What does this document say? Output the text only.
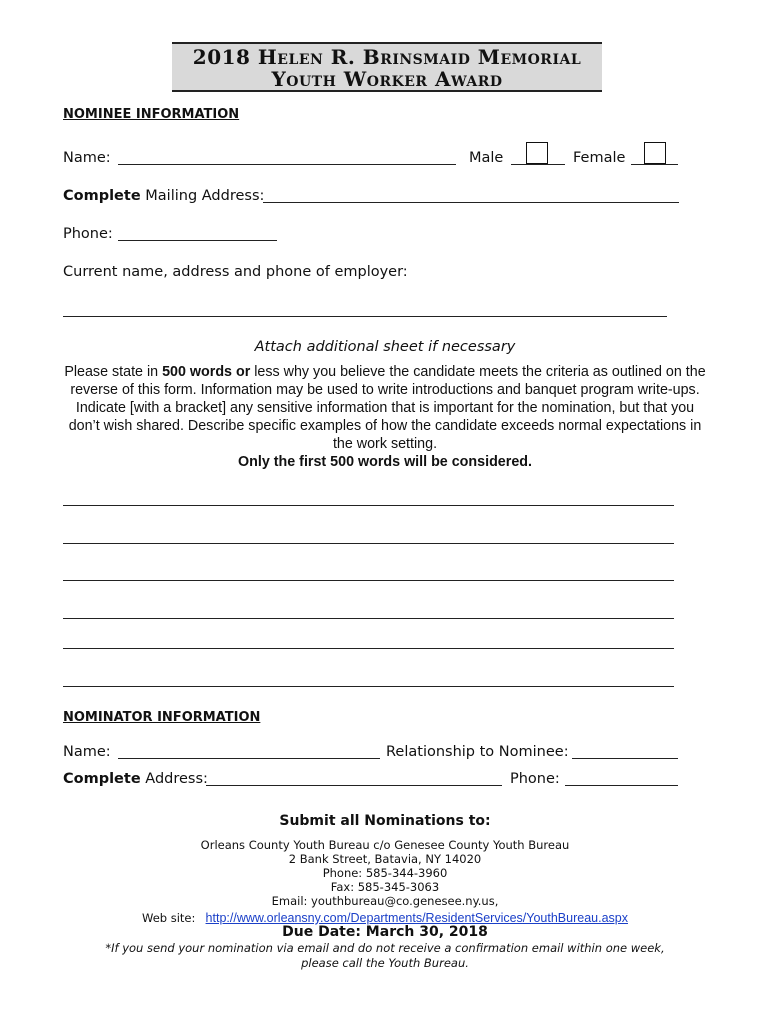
2018 Helen R. Brinsmaid Memorial
Youth Worker Award
NOMINEE INFORMATION
Name:	Male	Female
Complete Mailing Address:
Phone:
Current name, address and phone of employer:
Attach additional sheet if necessary
Please state in 500 words or less why you believe the candidate meets the criteria as outlined on the reverse of this form. Information may be used to write introductions and banquet program write-ups. Indicate [with a bracket] any sensitive information that is important for the nomination, but that you don’t wish shared. Describe specific examples of how the candidate exceeds normal expectations in the work setting.
Only the first 500 words will be considered.
NOMINATOR INFORMATION
Name:	Relationship to Nominee:
Complete Address:	Phone:
Submit all Nominations to:
Orleans County Youth Bureau c/o Genesee County Youth Bureau
2 Bank Street, Batavia, NY 14020
Phone: 585-344-3960
Fax: 585-345-3063
Email: youthbureau@co.genesee.ny.us,
Web site: http://www.orleansny.com/Departments/ResidentServices/YouthBureau.aspx
Due Date: March 30, 2018
*If you send your nomination via email and do not receive a confirmation email within one week,
please call the Youth Bureau.
